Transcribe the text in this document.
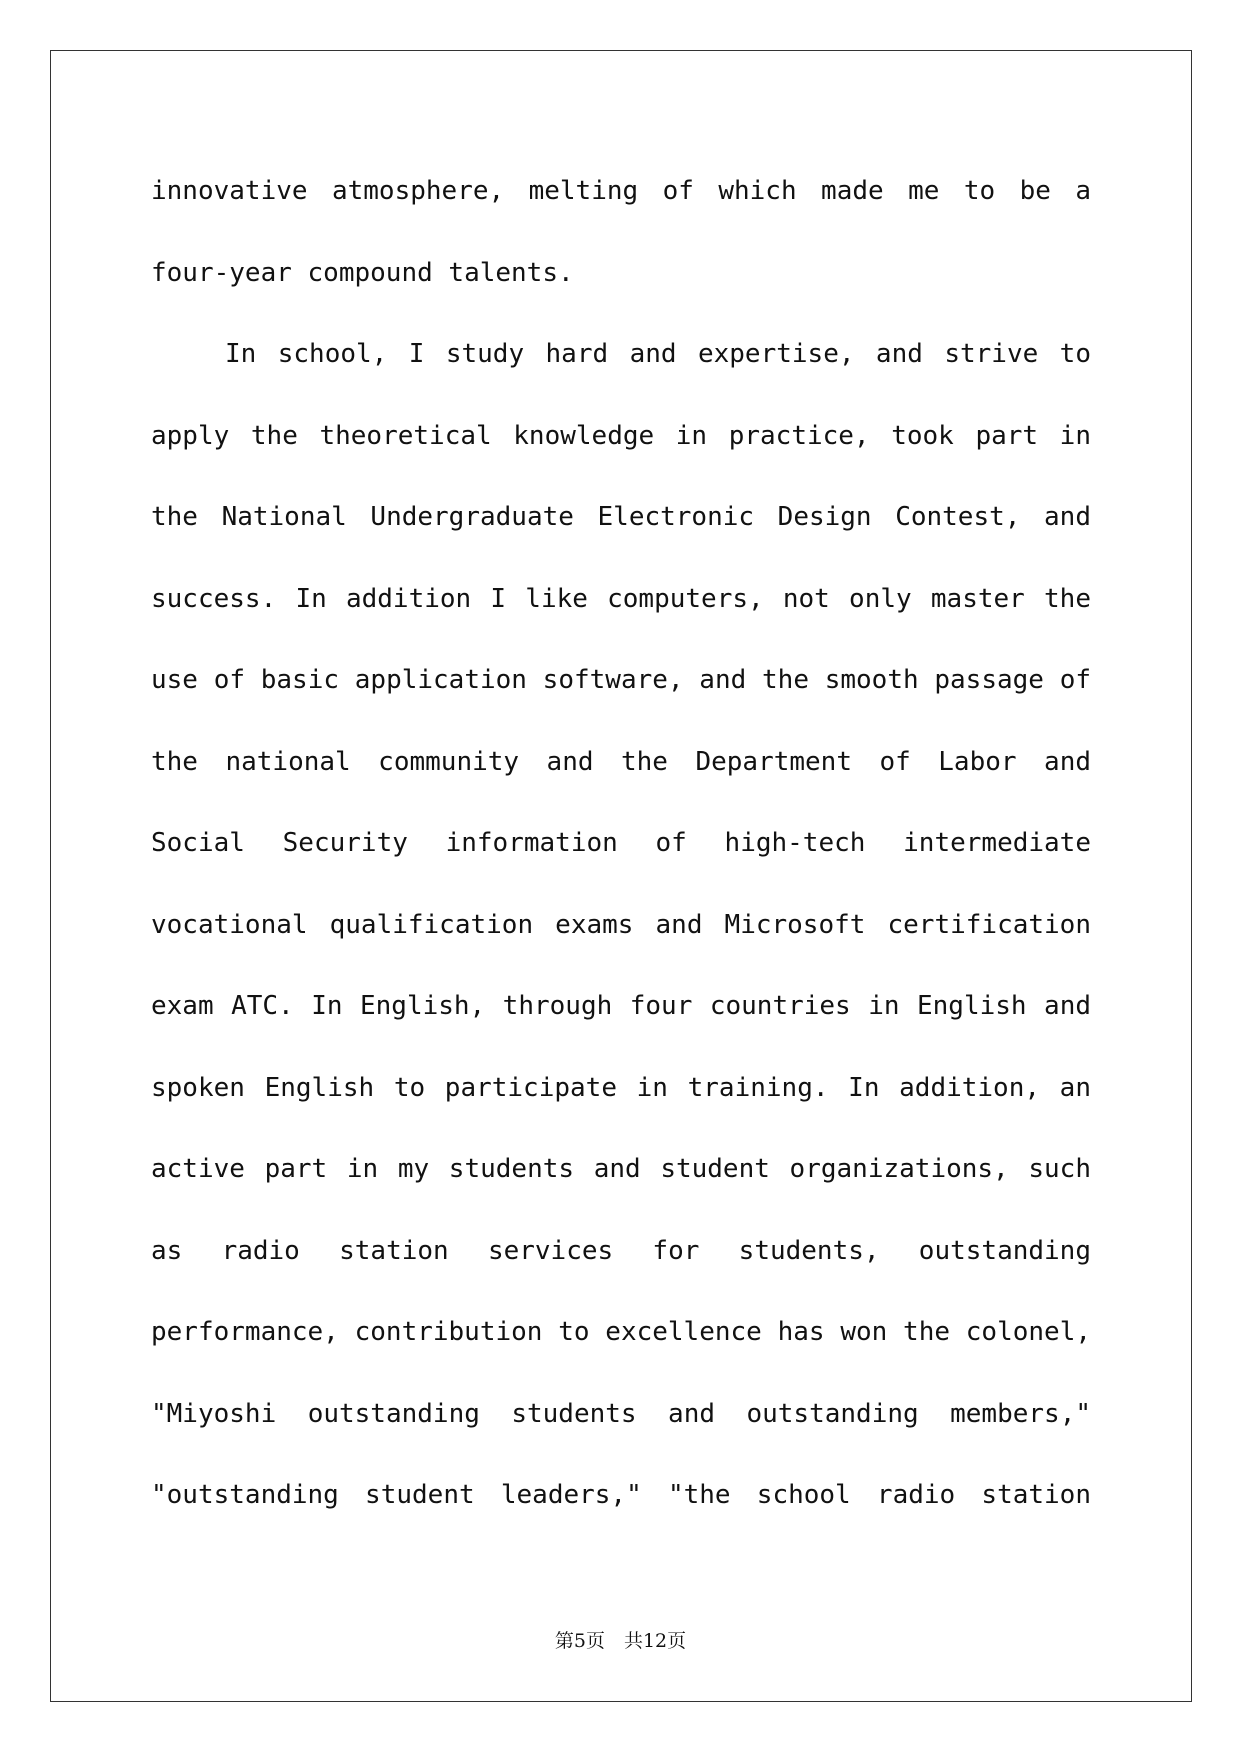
innovative atmosphere, melting of which made me to be a
four-year compound talents.
In school, I study hard and expertise, and strive to
apply the theoretical knowledge in practice, took part in
the National Undergraduate Electronic Design Contest, and
success. In addition I like computers, not only master the
use of basic application software, and the smooth passage of
the national community and the Department of Labor and
Social Security information of high-tech intermediate
vocational qualification exams and Microsoft certification
exam ATC. In English, through four countries in English and
spoken English to participate in training. In addition, an
active part in my students and student organizations, such
as radio station services for students, outstanding
performance, contribution to excellence has won the colonel,
"Miyoshi outstanding students and outstanding members,"
"outstanding student leaders," "the school radio station
第5页　共12页
